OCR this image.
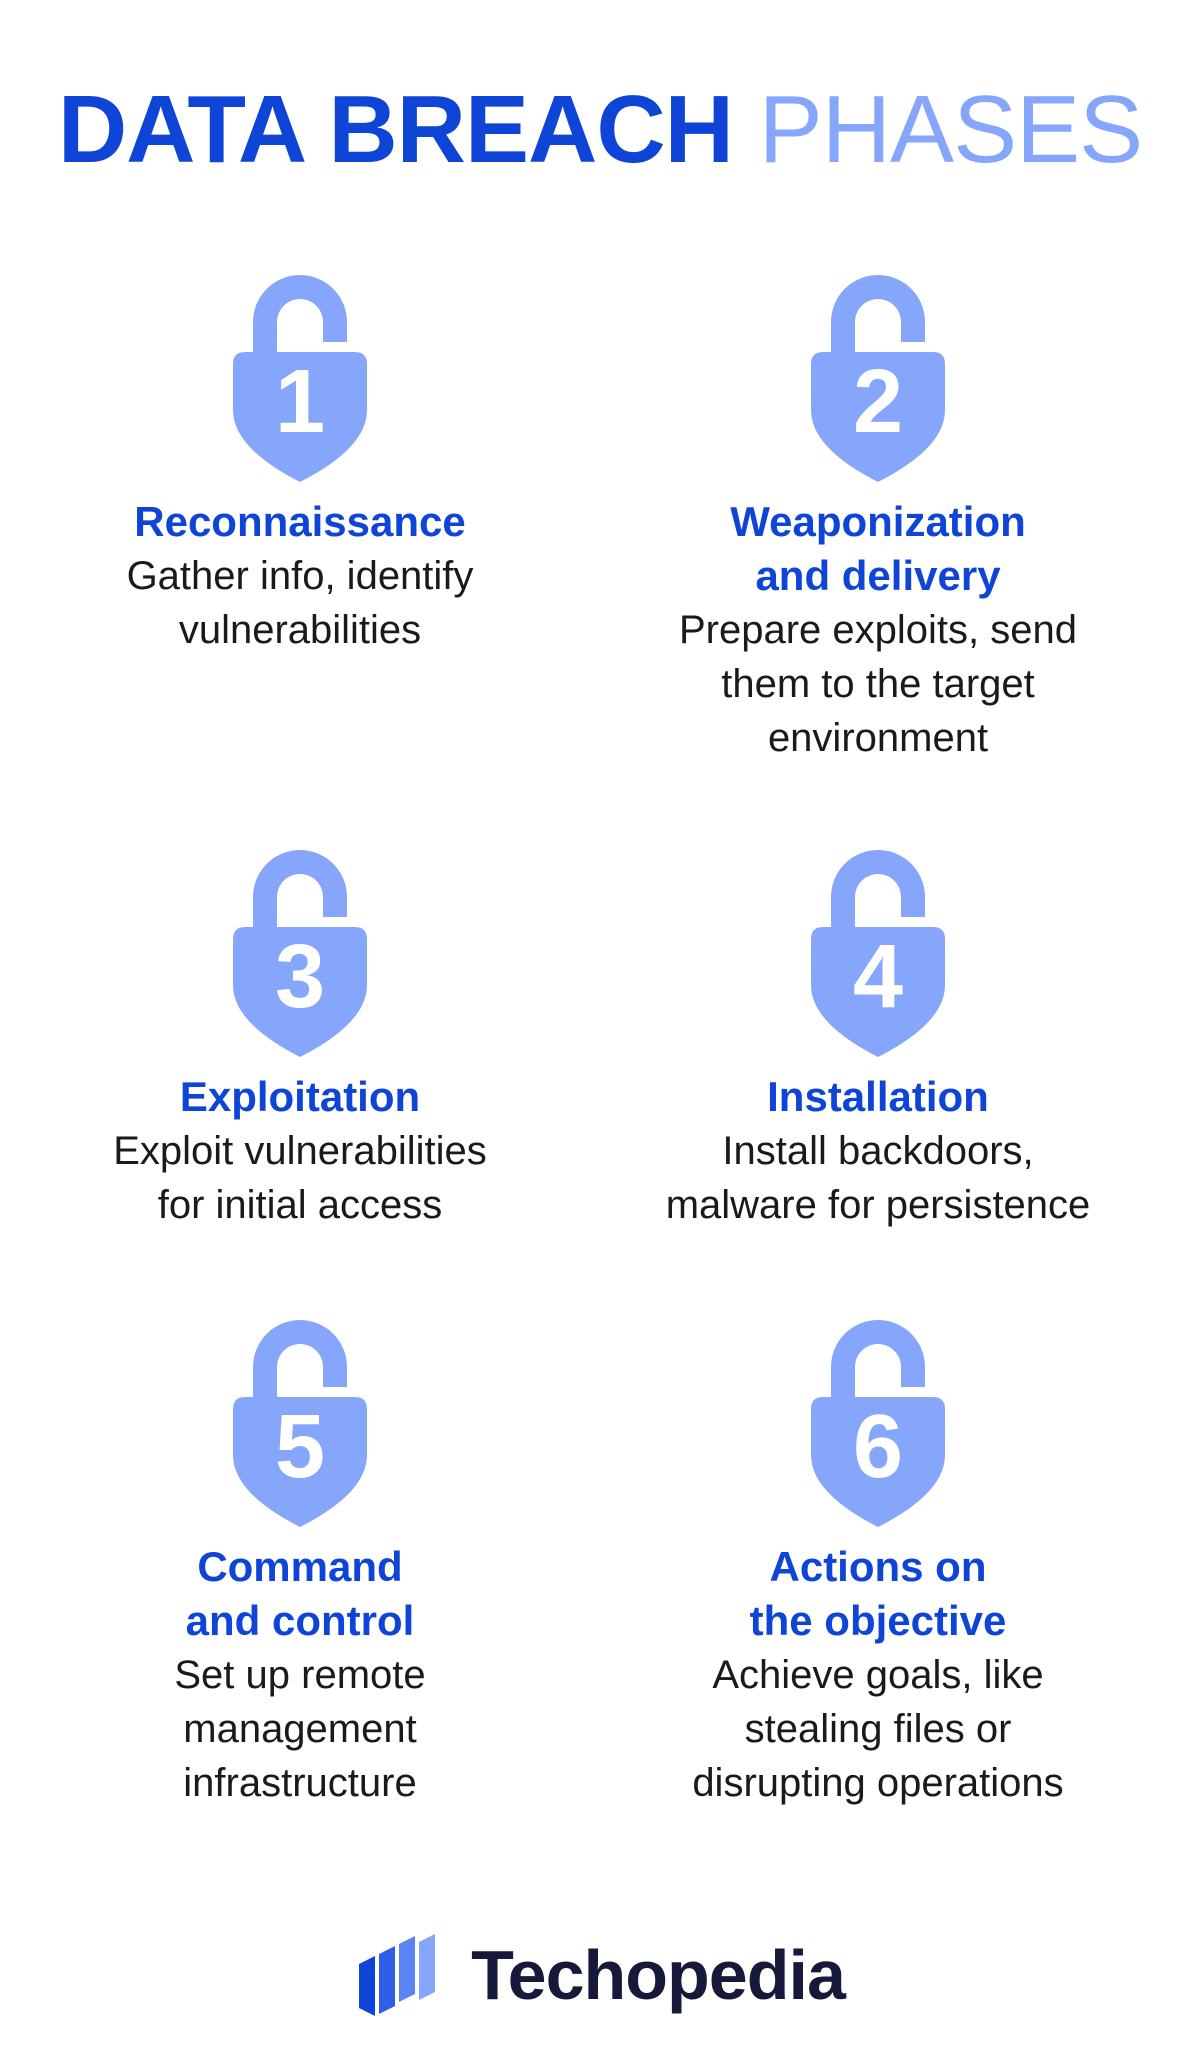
DATA BREACH PHASES
1
Reconnaissance
Gather info, identify
vulnerabilities
2
Weaponization
and delivery
Prepare exploits, send
them to the target
environment
3
Exploitation
Exploit vulnerabilities
for initial access
4
Installation
Install backdoors,
malware for persistence
5
Command
and control
Set up remote
management
infrastructure
6
Actions on
the objective
Achieve goals, like
stealing files or
disrupting operations
Techopedia
